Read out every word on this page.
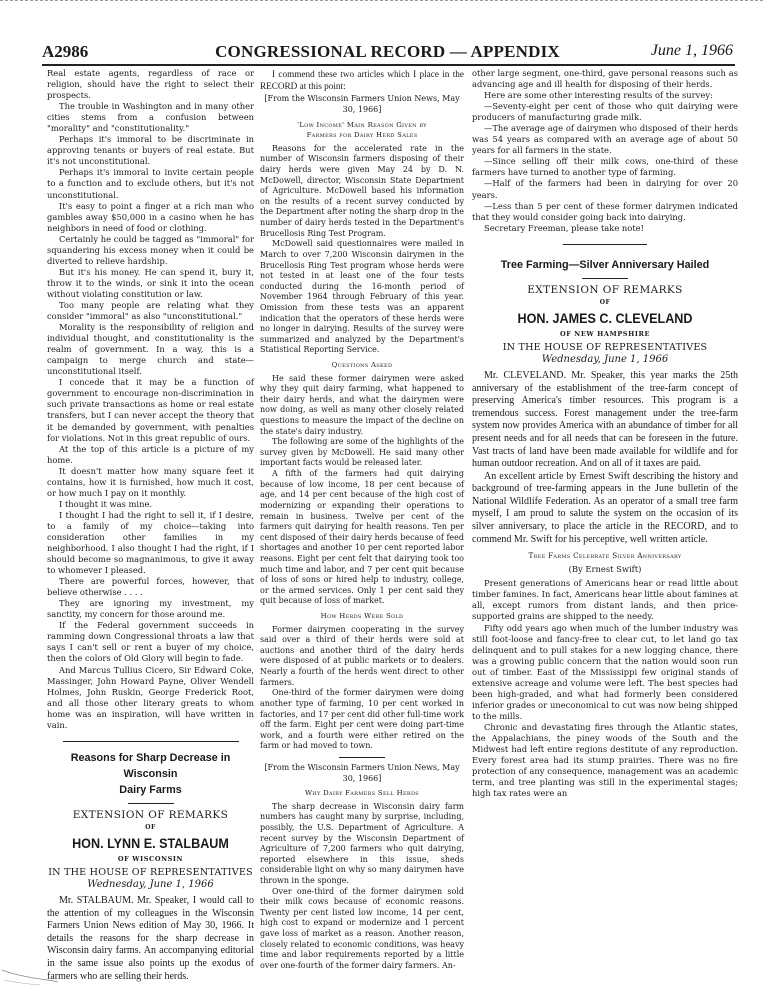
CONGRESSIONAL RECORD — APPENDIX
A2986	June 1, 1966

Real estate agents, regardless of race or religion, should have the right to select their prospects.

The trouble in Washington and in many other cities stems from a confusion between "morality" and "constitutionality."

Perhaps it's immoral to be discriminate in approving tenants or buyers of real estate. But it's not unconstitutional.

Perhaps it's immoral to invite certain people to a function and to exclude others, but it's not unconstitutional.

It's easy to point a finger at a rich man who gambles away $50,000 in a casino when he has neighbors in need of food or clothing.

Certainly he could be tagged as "immoral" for squandering his excess money when it could be diverted to relieve hardship.

But it's his money. He can spend it, bury it, throw it to the winds, or sink it into the ocean without violating constitution or law.

Too many people are relating what they consider "immoral" as also "unconstitutional."

Morality is the responsibility of religion and individual thought, and constitutionality is the realm of government. In a way, this is a campaign to merge church and state—unconstitutional itself.

I concede that it may be a function of government to encourage non-discrimination in such private transactions as home or real estate transfers, but I can never accept the theory that it be demanded by government, with penalties for violations. Not in this great republic of ours.

At the top of this article is a picture of my home.

It doesn't matter how many square feet it contains, how it is furnished, how much it cost, or how much I pay on it monthly.

I thought it was mine.

I thought I had the right to sell it, if I desire, to a family of my choice—taking into consideration other families in my neighborhood. I also thought I had the right, if I should become so magnanimous, to give it away to whomever I pleased.

There are powerful forces, however, that believe otherwise . . . .

They are ignoring my investment, my sanctity, my concern for those around me.

If the Federal government succeeds in ramming down Congressional throats a law that says I can't sell or rent a buyer of my choice, then the colors of Old Glory will begin to fade.

And Marcus Tullius Cicero, Sir Edward Coke, Massinger, John Howard Payne, Oliver Wendell Holmes, John Ruskin, George Frederick Root, and all those other literary greats to whom home was an inspiration, will have written in vain.

Reasons for Sharp Decrease in Wisconsin
Dairy Farms
EXTENSION OF REMARKS
OF
HON. LYNN E. STALBAUM
OF WISCONSIN
IN THE HOUSE OF REPRESENTATIVES
Wednesday, June 1, 1966

Mr. STALBAUM. Mr. Speaker, I would call to the attention of my colleagues in the Wisconsin Farmers Union News edition of May 30, 1966. It details the reasons for the sharp decrease in Wisconsin dairy farms. An accompanying editorial in the same issue also points up the exodus of farmers who are selling their herds.

I commend these two articles which I place in the RECORD at this point:

[From the Wisconsin Farmers Union News, May 30, 1966]
'Low Income' Main Reason Given by
Farmers for Dairy Herd Sales

Reasons for the accelerated rate in the number of Wisconsin farmers disposing of their dairy herds were given May 24 by D. N. McDowell, director, Wisconsin State Department of Agriculture. McDowell based his information on the results of a recent survey conducted by the Department after noting the sharp drop in the number of dairy herds tested in the Department's Brucellosis Ring Test Program.

McDowell said questionnaires were mailed in March to over 7,200 Wisconsin dairymen in the Brucellosis Ring Test program whose herds were not tested in at least one of the four tests conducted during the 16-month period of November 1964 through February of this year. Omission from these tests was an apparent indication that the operators of these herds were no longer in dairying. Results of the survey were summarized and analyzed by the Department's Statistical Reporting Service.

Questions Asked

He said these former dairymen were asked why they quit dairy farming, what happened to their dairy herds, and what the dairymen were now doing, as well as many other closely related questions to measure the impact of the decline on the state's dairy industry.

The following are some of the highlights of the survey given by McDowell. He said many other important facts would be released later.

A fifth of the farmers had quit dairying because of low income, 18 per cent because of age, and 14 per cent because of the high cost of modernizing or expanding their operations to remain in business. Twelve per cent of the farmers quit dairying for health reasons. Ten per cent disposed of their dairy herds because of feed shortages and another 10 per cent reported labor reasons. Eight per cent felt that dairying took too much time and labor, and 7 per cent quit because of loss of sons or hired help to industry, college, or the armed services. Only 1 per cent said they quit because of loss of market.

How Herds Were Sold

Former dairymen cooperating in the survey said over a third of their herds were sold at auctions and another third of the dairy herds were disposed of at public markets or to dealers. Nearly a fourth of the herds went direct to other farmers.

One-third of the former dairymen were doing another type of farming, 10 per cent worked in factories, and 17 per cent did other full-time work off the farm. Eight per cent were doing part-time work, and a fourth were either retired on the farm or had moved to town.

[From the Wisconsin Farmers Union News, May 30, 1966]
Why Dairy Farmers Sell Herds

The sharp decrease in Wisconsin dairy farm numbers has caught many by surprise, including, possibly, the U.S. Department of Agriculture. A recent survey by the Wisconsin Department of Agriculture of 7,200 farmers who quit dairying, reported elsewhere in this issue, sheds considerable light on why so many dairymen have thrown in the sponge.

Over one-third of the former dairymen sold their milk cows because of economic reasons. Twenty per cent listed low income, 14 per cent, high cost to expand or modernize and 1 percent gave loss of market as a reason. Another reason, closely related to economic conditions, was heavy time and labor requirements reported by a little over one-fourth of the former dairy farmers. An-

other large segment, one-third, gave personal reasons such as advancing age and ill health for disposing of their herds.

Here are some other interesting results of the survey:

—Seventy-eight per cent of those who quit dairying were producers of manufacturing grade milk.

—The average age of dairymen who disposed of their herds was 54 years as compared with an average age of about 50 years for all farmers in the state.

—Since selling off their milk cows, one-third of these farmers have turned to another type of farming.

—Half of the farmers had been in dairying for over 20 years.

—Less than 5 per cent of these former dairymen indicated that they would consider going back into dairying.

Secretary Freeman, please take note!

Tree Farming—Silver Anniversary Hailed
EXTENSION OF REMARKS
OF
HON. JAMES C. CLEVELAND
OF NEW HAMPSHIRE
IN THE HOUSE OF REPRESENTATIVES
Wednesday, June 1, 1966

Mr. CLEVELAND. Mr. Speaker, this year marks the 25th anniversary of the establishment of the tree-farm concept of preserving America's timber resources. This program is a tremendous success. Forest management under the tree-farm system now provides America with an abundance of timber for all present needs and for all needs that can be foreseen in the future. Vast tracts of land have been made available for wildlife and for human outdoor recreation. And on all of it taxes are paid.

An excellent article by Ernest Swift describing the history and background of tree-farming appears in the June bulletin of the National Wildlife Federation. As an operator of a small tree farm myself, I am proud to salute the system on the occasion of its silver anniversary, to place the article in the RECORD, and to commend Mr. Swift for his perceptive, well written article.

Tree Farms Celebrate Silver Anniversary
(By Ernest Swift)

Present generations of Americans hear or read little about timber famines. In fact, Americans hear little about famines at all, except rumors from distant lands, and then price-supported grains are shipped to the needy.

Fifty odd years ago when much of the lumber industry was still foot-loose and fancy-free to clear cut, to let land go tax delinquent and to pull stakes for a new logging chance, there was a growing public concern that the nation would soon run out of timber. East of the Mississippi few original stands of extensive acreage and volume were left. The best species had been high-graded, and what had formerly been considered inferior grades or uneconomical to cut was now being shipped to the mills.

Chronic and devastating fires through the Atlantic states, the Appalachians, the piney woods of the South and the Midwest had left entire regions destitute of any reproduction. Every forest area had its stump prairies. There was no fire protection of any consequence, management was an academic term, and tree planting was still in the experimental stages; high tax rates were an
